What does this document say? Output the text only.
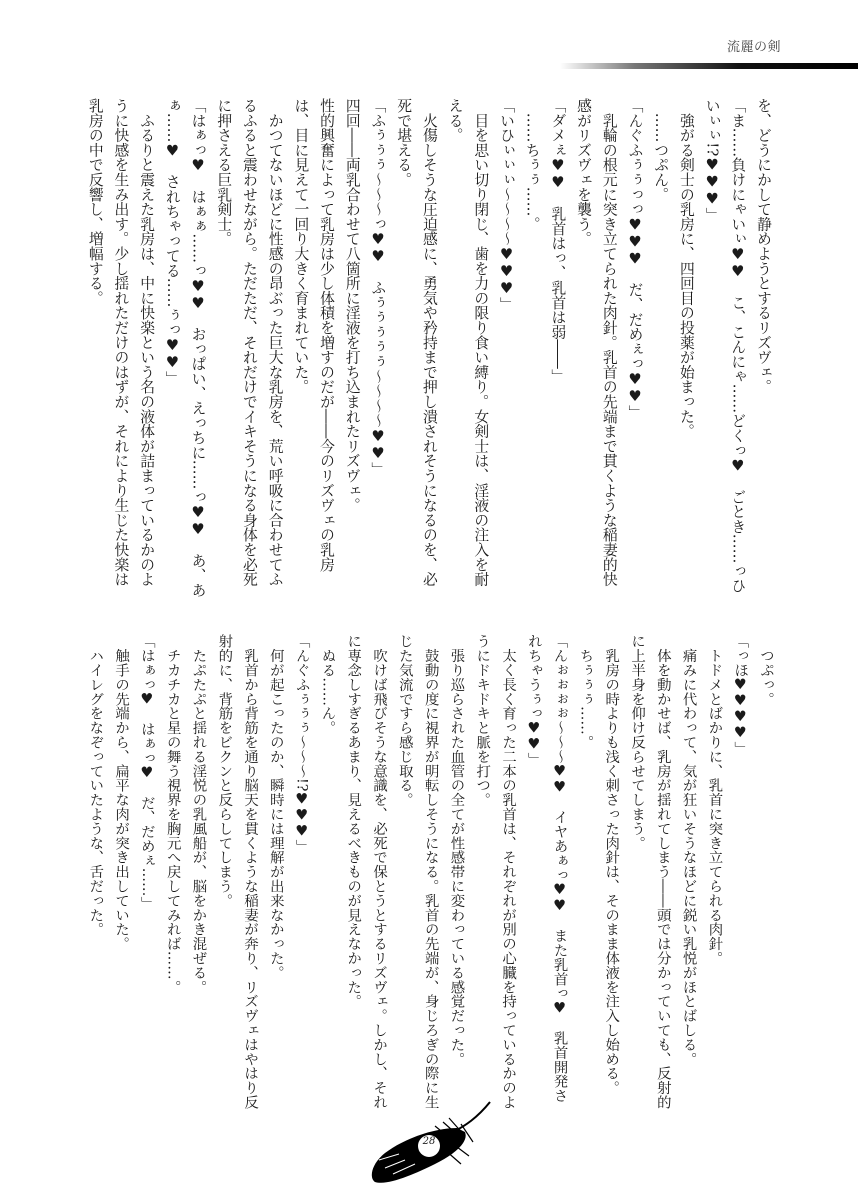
流麗の剣
を、どうにかして静めようとするリズヴェ。
「ま……負けにゃいぃ♥♥　こ、こんにゃ……どくっ♥　ごとき……っひ
いぃぃ!?♥♥♥」
　強がる剣士の乳房に、四回目の投薬が始まった。
　……つぷん。
「んぐふぅぅっっ♥♥♥　だ、だめぇっ♥♥」
　乳輪の根元に突き立てられた肉針。乳首の先端まで貫くような稲妻的快
感がリズヴェを襲う。
「ダメぇ♥♥　乳首はっ、乳首は弱――」
　……ちぅぅ……。
「いひぃぃぃ～～～～♥♥♥」
　目を思い切り閉じ、歯を力の限り食い縛り。女剣士は、淫液の注入を耐
える。
　火傷しそうな圧迫感に、勇気や矜持まで押し潰されそうになるのを、必
死で堪える。
「ふぅぅぅ～～～っ♥♥　ふぅぅぅぅぅ～～～～♥♥」
四回――両乳合わせて八箇所に淫液を打ち込まれたリズヴェ。
性的興奮によって乳房は少し体積を増すのだが――今のリズヴェの乳房
は、目に見えて一回り大きく育まれていた。
　かつてないほどに性感の昂ぶった巨大な乳房を、荒い呼吸に合わせてふ
るふると震わせながら。ただただ、それだけでイキそうになる身体を必死
に押さえる巨乳剣士。
「はぁっ♥　はぁぁ……っ♥♥　おっぱい、えっちに……っ♥♥　あ、あ
ぁ……♥　されちゃってる……ぅっ♥♥」
　ふるりと震えた乳房は、中に快楽という名の液体が詰まっているかのよ
うに快感を生み出す。少し揺れただけのはずが、それにより生じた快楽は
乳房の中で反響し、増幅する。
　つぷっ。
「っほ♥♥♥♥」
　トドメとばかりに、乳首に突き立てられる肉針。
　痛みに代わって、気が狂いそうなほどに鋭い乳悦がほとばしる。
　体を動かせば、乳房が揺れてしまう――頭では分かっていても、反射的
に上半身を仰け反らせてしまう。
　乳房の時よりも浅く刺さった肉針は、そのまま体液を注入し始める。
　ちぅぅぅ……。
「んぉぉぉぉ～～～♥♥　イヤあぁっ♥♥　また乳首っ♥　乳首開発さ
れちゃうぅっ♥♥」
　太く長く育った二本の乳首は、それぞれが別の心臓を持っているかのよ
うにドキドキと脈を打つ。
　張り巡らされた血管の全てが性感帯に変わっている感覚だった。
　鼓動の度に視界が明転しそうになる。乳首の先端が、身じろぎの際に生
じた気流ですら感じ取る。
　吹けば飛びそうな意識を、必死で保とうとするリズヴェ。しかし、それ
に専念しすぎるあまり、見えるべきものが見えなかった。
　ぬる……ん。
「んぐふぅぅぅ～～～!?♥♥♥」
　何が起こったのか、瞬時には理解が出来なかった。
　乳首から背筋を通り脳天を貫くような稲妻が奔り、リズヴェはやはり反
射的に、背筋をビクンと反らしてしまう。
　たぷたぷと揺れる淫悦の乳風船が、脳をかき混ぜる。
　チカチカと星の舞う視界を胸元へ戻してみれば……。
「はぁっ♥　はぁっ♥　だ、だめぇ……」
　触手の先端から、扁平な肉が突き出していた。
　ハイレグをなぞっていたような、舌だった。
28
